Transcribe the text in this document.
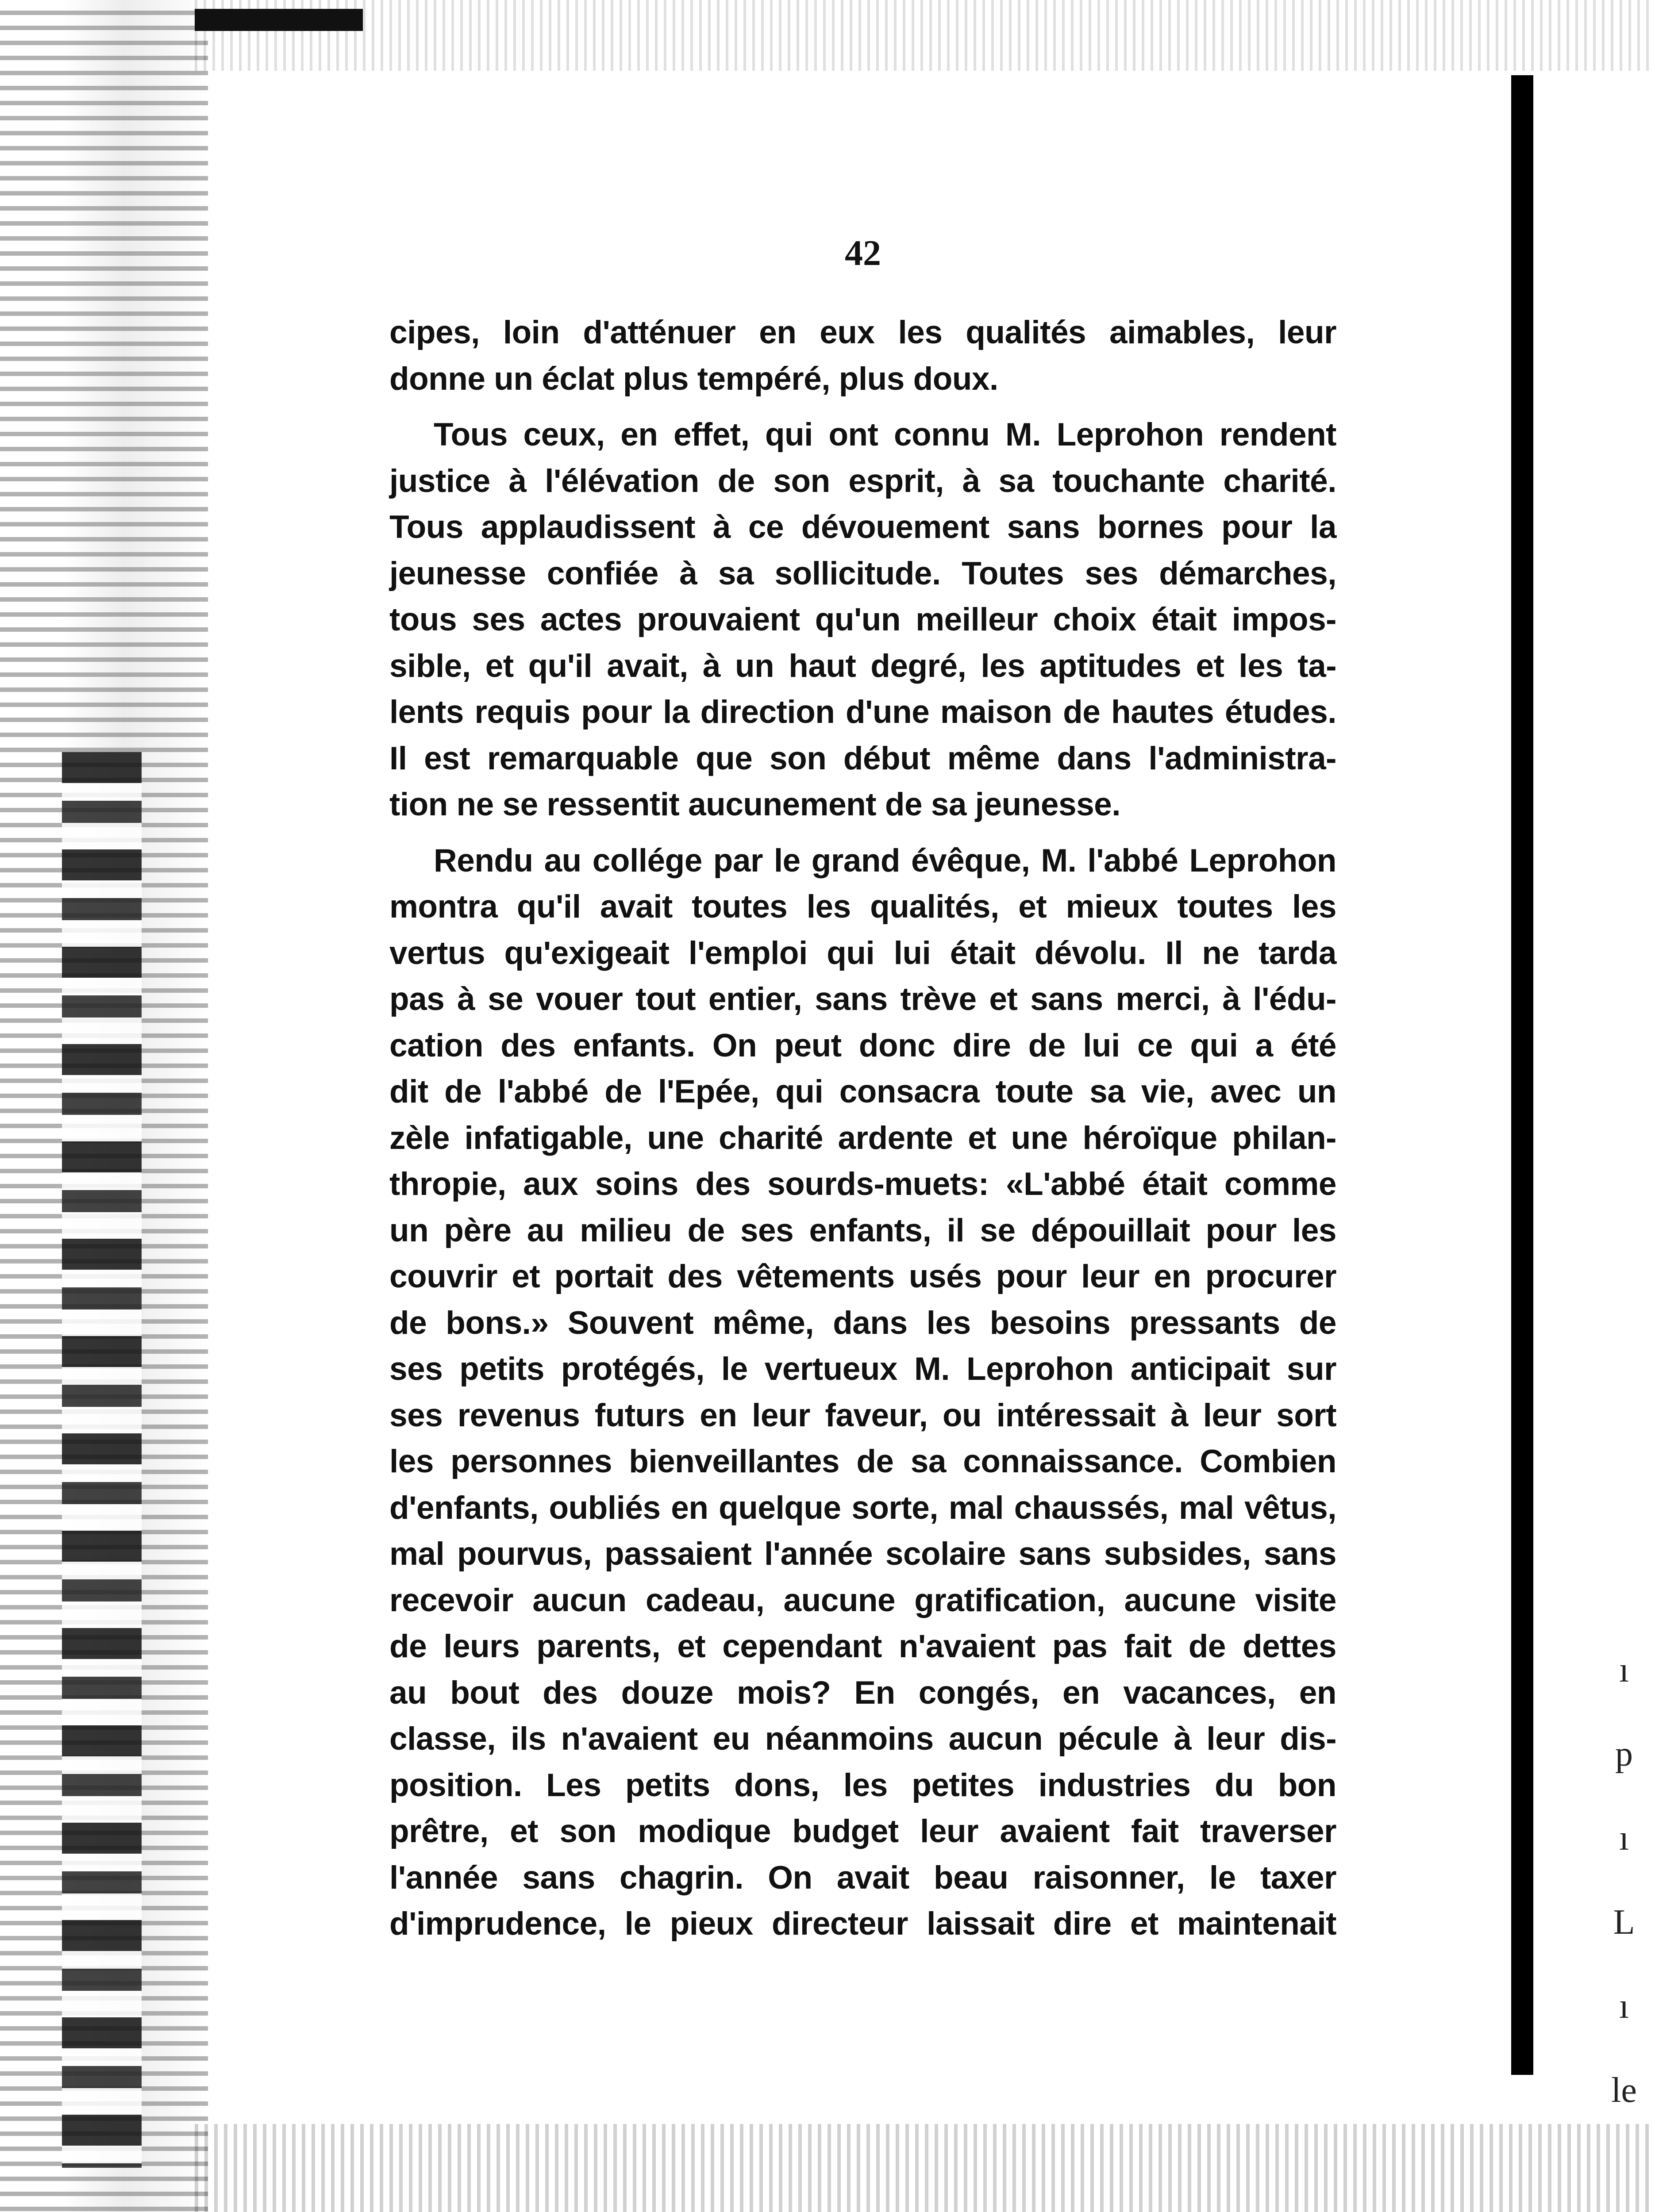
ı
p
ı
L
ı
le
42
cipes, loin d'atténuer en eux les qualités aimables, leur
donne un éclat plus tempéré, plus doux.
Tous ceux, en effet, qui ont connu M. Leprohon rendent
justice à l'élévation de son esprit, à sa touchante charité.
Tous applaudissent à ce dévouement sans bornes pour la
jeunesse confiée à sa sollicitude. Toutes ses démarches,
tous ses actes prouvaient qu'un meilleur choix était impos-
sible, et qu'il avait, à un haut degré, les aptitudes et les ta-
lents requis pour la direction d'une maison de hautes études.
Il est remarquable que son début même dans l'administra-
tion ne se ressentit aucunement de sa jeunesse.
Rendu au collége par le grand évêque, M. l'abbé Leprohon
montra qu'il avait toutes les qualités, et mieux toutes les
vertus qu'exigeait l'emploi qui lui était dévolu. Il ne tarda
pas à se vouer tout entier, sans trève et sans merci, à l'édu-
cation des enfants. On peut donc dire de lui ce qui a été
dit de l'abbé de l'Epée, qui consacra toute sa vie, avec un
zèle infatigable, une charité ardente et une héroïque philan-
thropie, aux soins des sourds-muets: «L'abbé était comme
un père au milieu de ses enfants, il se dépouillait pour les
couvrir et portait des vêtements usés pour leur en procurer
de bons.» Souvent même, dans les besoins pressants de
ses petits protégés, le vertueux M. Leprohon anticipait sur
ses revenus futurs en leur faveur, ou intéressait à leur sort
les personnes bienveillantes de sa connaissance. Combien
d'enfants, oubliés en quelque sorte, mal chaussés, mal vêtus,
mal pourvus, passaient l'année scolaire sans subsides, sans
recevoir aucun cadeau, aucune gratification, aucune visite
de leurs parents, et cependant n'avaient pas fait de dettes
au bout des douze mois? En congés, en vacances, en
classe, ils n'avaient eu néanmoins aucun pécule à leur dis-
position. Les petits dons, les petites industries du bon
prêtre, et son modique budget leur avaient fait traverser
l'année sans chagrin. On avait beau raisonner, le taxer
d'imprudence, le pieux directeur laissait dire et maintenait
